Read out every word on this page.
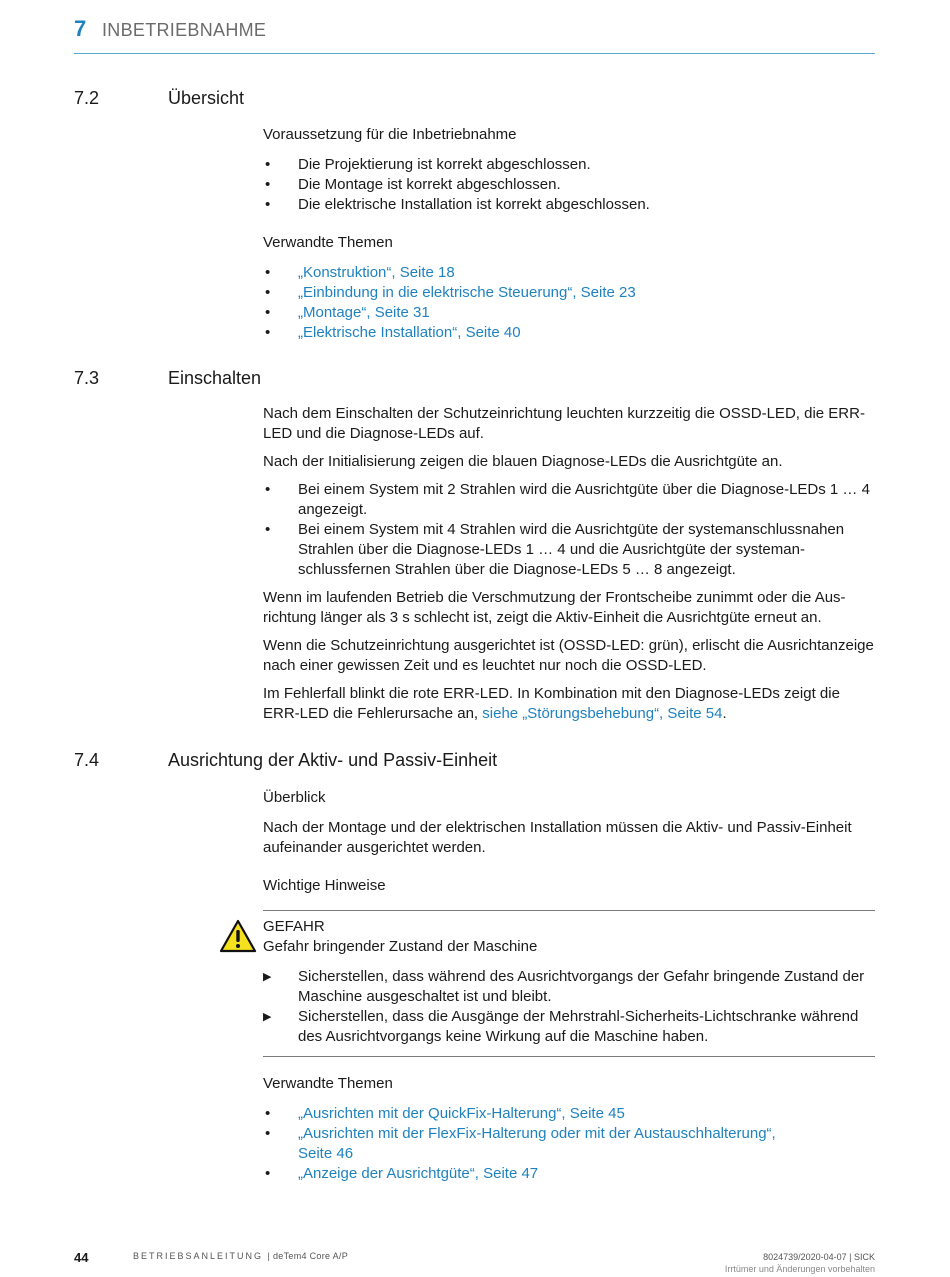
7 INBETRIEBNAHME
7.2	Übersicht

Voraussetzung für die Inbetriebnahme

• Die Projektierung ist korrekt abgeschlossen.
• Die Montage ist korrekt abgeschlossen.
• Die elektrische Installation ist korrekt abgeschlossen.

Verwandte Themen

• „Konstruktion“, Seite 18
• „Einbindung in die elektrische Steuerung“, Seite 23
• „Montage“, Seite 31
• „Elektrische Installation“, Seite 40
7.3	Einschalten

Nach dem Einschalten der Schutzeinrichtung leuchten kurzzeitig die OSSD-LED, die ERR-LED und die Diagnose-LEDs auf.

Nach der Initialisierung zeigen die blauen Diagnose-LEDs die Ausrichtgüte an.

• Bei einem System mit 2 Strahlen wird die Ausrichtgüte über die Diagnose-LEDs 1 … 4 angezeigt.
• Bei einem System mit 4 Strahlen wird die Ausrichtgüte der systemanschlussnahen Strahlen über die Diagnose-LEDs 1 … 4 und die Ausrichtgüte der systemanschlussfernen Strahlen über die Diagnose-LEDs 5 … 8 angezeigt.

Wenn im laufenden Betrieb die Verschmutzung der Frontscheibe zunimmt oder die Ausrichtung länger als 3 s schlecht ist, zeigt die Aktiv-Einheit die Ausrichtgüte erneut an.

Wenn die Schutzeinrichtung ausgerichtet ist (OSSD-LED: grün), erlischt die Ausrichtanzeige nach einer gewissen Zeit und es leuchtet nur noch die OSSD-LED.

Im Fehlerfall blinkt die rote ERR-LED. In Kombination mit den Diagnose-LEDs zeigt die ERR-LED die Fehlerursache an, siehe „Störungsbehebung“, Seite 54.

7.4	Ausrichtung der Aktiv- und Passiv-Einheit

Überblick

Nach der Montage und der elektrischen Installation müssen die Aktiv- und Passiv-Einheit aufeinander ausgerichtet werden.

Wichtige Hinweise

GEFAHR

Gefahr bringender Zustand der Maschine

▶ Sicherstellen, dass während des Ausrichtvorgangs der Gefahr bringende Zustand der Maschine ausgeschaltet ist und bleibt.
▶ Sicherstellen, dass die Ausgänge der Mehrstrahl-Sicherheits-Lichtschranke während des Ausrichtvorgangs keine Wirkung auf die Maschine haben.

Verwandte Themen

• „Ausrichten mit der QuickFix-Halterung“, Seite 45
• „Ausrichten mit der FlexFix-Halterung oder mit der Austauschhalterung“, Seite 46
• „Anzeige der Ausrichtgüte“, Seite 47
44	BETRIEBSANLEITUNG | deTem4 Core A/P	8024739/2020-04-07 | SICK
Irrtümer und Änderungen vorbehalten
